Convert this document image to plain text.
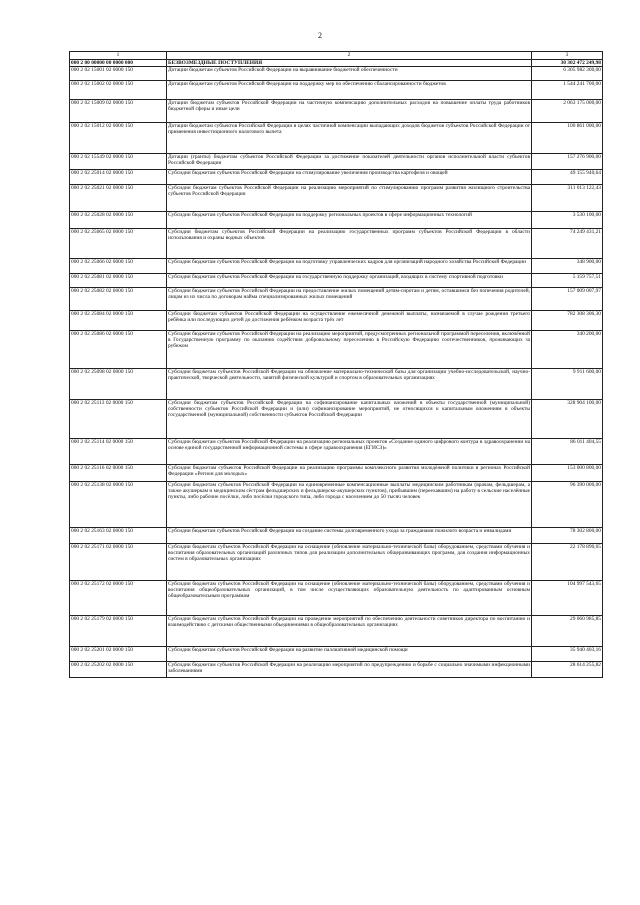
2
1	2	3
000 2 00 00000 00 0000 000	БЕЗВОЗМЕЗДНЫЕ ПОСТУПЛЕНИЯ	30 302 472 249,98
000 2 02 15001 02 0000 150	Дотации бюджетам субъектов Российской Федерации на выравнивание бюджетной обеспеченности	6 305 982 300,00
000 2 02 15002 02 0000 150	Дотации бюджетам субъектов Российской Федерации на поддержку мер по обеспечению сбалансированности бюджетов	1 544 241 700,00
000 2 02 15009 02 0000 150	Дотации бюджетам субъектов Российской Федерации на частичную компенсацию дополнительных расходов на повышение оплаты труда работников бюджетной сферы и иные цели	2 063 175 000,00
000 2 02 15012 02 0000 150	Дотации бюджетам субъектов Российской Федерации в целях частичной компенсации выпадающих доходов бюджетов субъектов Российской Федерации от применения инвестиционного налогового вычета	100 861 000,00
000 2 02 15549 02 0000 150	Дотации (гранты) бюджетам субъектов Российской Федерации за достижение показателей деятельности органов исполнительной власти субъектов Российской Федерации	157 276 900,00
000 2 02 25014 02 0000 150	Субсидии бюджетам субъектов Российской Федерации на стимулирование увеличения производства картофеля и овощей	49 155 940,64
000 2 02 25021 02 0000 150	Субсидии бюджетам субъектов Российской Федерации на реализацию мероприятий по стимулированию программ развития жилищного строительства субъектов Российской Федерации	311 013 122,43
000 2 02 25028 02 0000 150	Субсидии бюджетам субъектов Российской Федерации на поддержку региональных проектов в сфере информационных технологий	3 530 100,00
000 2 02 25065 02 0000 150	Субсидии бюджетам субъектов Российской Федерации на реализацию государственных программ субъектов Российской Федерации в области использования и охраны водных объектов	74 249 431,21
000 2 02 25066 02 0000 150	Субсидии бюджетам субъектов Российской Федерации на подготовку управленческих кадров для организаций народного хозяйства Российской Федерации	348 900,00
000 2 02 25081 02 0000 150	Субсидии бюджетам субъектов Российской Федерации на государственную поддержку организаций, входящих в систему спортивной подготовки	5 159 757,51
000 2 02 25082 02 0000 150	Субсидии бюджетам субъектов Российской Федерации на предоставление жилых помещений детям-сиротам и детям, оставшимся без попечения родителей, лицам из их числа по договорам найма специализированных жилых помещений	157 009 007,97
000 2 02 25084 02 0000 150	Субсидии бюджетам субъектов Российской Федерации на осуществление ежемесячной денежной выплаты, назначаемой в случае рождения третьего ребёнка или последующих детей до достижения ребёнком возраста трёх лет	782 308 306,30
000 2 02 25086 02 0000 150	Субсидии бюджетам субъектов Российской Федерации на реализацию мероприятий, предусмотренных региональной программой переселения, включённой в Государственную программу по оказанию содействия добровольному переселению в Российскую Федерацию соотечественников, проживающих за рубежом	340 200,00
000 2 02 25098 02 0000 150	Субсидии бюджетам субъектов Российской Федерации на обновление материально-технической базы для организации учебно-исследовательской, научно-практической, творческой деятельности, занятий физической культурой и спортом в образовательных организациях	9 911 600,00
000 2 02 25113 02 0000 150	Субсидии бюджетам субъектов Российской Федерации на софинансирование капитальных вложений в объекты государственной (муниципальной) собственности субъектов Российской Федерации и (или) софинансирование мероприятий, не относящихся к капитальным вложениям в объекты государственной (муниципальной) собственности субъектов Российской Федерации	328 904 100,00
000 2 02 25114 02 0000 150	Субсидии бюджетам субъектов Российской Федерации на реализацию региональных проектов «Создание единого цифрового контура в здравоохранении на основе единой государственной информационной системы в сфере здравоохранения (ЕГИСЗ)»	86 011 404,55
000 2 02 25116 02 0000 150	Субсидии бюджетам субъектов Российской Федерации на реализацию программы комплексного развития молодёжной политики в регионах Российской Федерации «Регион для молодых»	153 000 800,00
000 2 02 25138 02 0000 150	Субсидии бюджетам субъектов Российской Федерации на единовременные компенсационные выплаты медицинским работникам (врачам, фельдшерам, а также акушеркам и медицинским сёстрам фельдшерских и фельдшерско-акушерских пунктов), прибывшим (переехавшим) на работу в сельские населённые пункты, либо рабочие посёлки, либо посёлки городского типа, либо города с населением до 50 тысяч человек	96 390 000,00
000 2 02 25163 02 0000 150	Субсидии бюджетам субъектов Российской Федерации на создание системы долговременного ухода за гражданами пожилого возраста и инвалидами	78 302 800,00
000 2 02 25171 02 0000 150	Субсидии бюджетам субъектов Российской Федерации на оснащение (обновление материально-технической базы) оборудованием, средствами обучения и воспитания образовательных организаций различных типов для реализации дополнительных общеразвивающих программ, для создания информационных систем в образовательных организациях	22 178 890,05
000 2 02 25172 02 0000 150	Субсидии бюджетам субъектов Российской Федерации на оснащение (обновление материально-технической базы) оборудованием, средствами обучения и воспитания общеобразовательных организаций, в том числе осуществляющих образовательную деятельность по адаптированным основным общеобразовательным программам	104 997 543,65
000 2 02 25179 02 0000 150	Субсидии бюджетам субъектов Российской Федерации на проведение мероприятий по обеспечению деятельности советников директора по воспитанию и взаимодействию с детскими общественными объединениями в общеобразовательных организациях	29 060 985,85
000 2 02 25201 02 0000 150	Субсидии бюджетам субъектов Российской Федерации на развитие паллиативной медицинской помощи	35 940 403,16
000 2 02 25202 02 0000 150	Субсидии бюджетам субъектов Российской Федерации на реализацию мероприятий по предупреждению и борьбе с социально значимыми инфекционными заболеваниями	28 614 255,82
